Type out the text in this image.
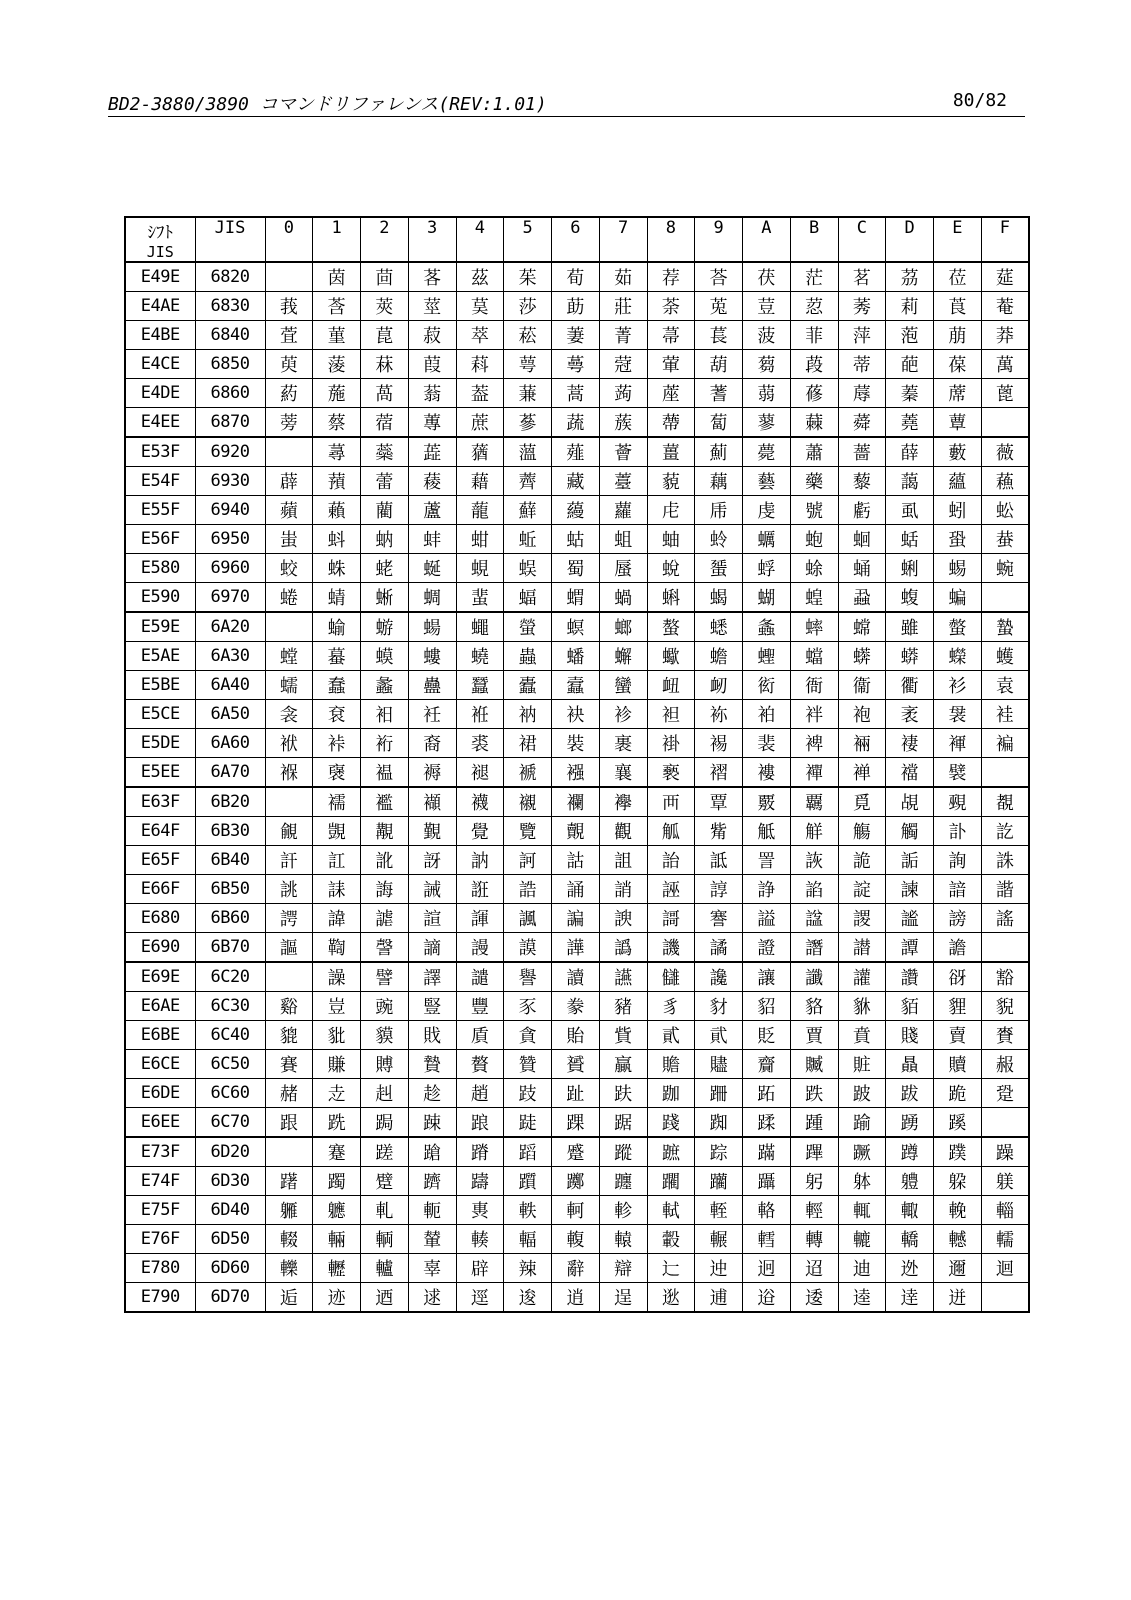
BD2-3880/3890 コマンドリファレンス(REV:1.01)	80/82
ｼﾌﾄ
JIS	JIS	0	1	2	3	4	5	6	7	8	9	A	B	C	D	E	F
E49E	6820		茵	茴	茖	茲	茱	荀	茹	荐	荅	茯	茫	茗	茘	莅	莚
E4AE	6830	莪	莟	莢	莖	茣	莎	莇	莊	荼	莵	荳	荵	莠	莉	莨	菴
E4BE	6840	萓	菫	菎	菽	萃	菘	萋	菁	菷	萇	菠	菲	萍	萢	萠	莽
E4CE	6850	萸	蔆	菻	葭	萪	萼	蕚	蒄	葷	葫	蒭	葮	蒂	葩	葆	萬
E4DE	6860	葯	葹	萵	蓊	葢	蒹	蒿	蒟	蓙	蓍	蒻	蓚	蓐	蓁	蓆	蓖
E4EE	6870	蒡	蔡	蓿	蓴	蔗	蔘	蔬	蔟	蔕	蔔	蓼	蕀	蕣	蕘	蕈	
E53F	6920		蕁	蘂	蕋	蕕	薀	薤	薈	薑	薊	薨	蕭	薔	薛	藪	薇
E54F	6930	薜	蕷	蕾	薐	藉	薺	藏	薹	藐	藕	藝	藥	藜	藹	蘊	蘓
E55F	6940	蘋	藾	藺	蘆	蘢	蘚	蘰	蘿	虍	乕	虔	號	虧	虱	蚓	蚣
E56F	6950	蚩	蚪	蚋	蚌	蚶	蚯	蛄	蛆	蚰	蛉	蠣	蚫	蛔	蛞	蛩	蛬
E580	6960	蛟	蛛	蛯	蜒	蜆	蜈	蜀	蜃	蛻	蜑	蜉	蜍	蛹	蜊	蜴	蜿
E590	6970	蜷	蜻	蜥	蜩	蜚	蝠	蝟	蝸	蝌	蝎	蝴	蝗	蝨	蝮	蝙	
E59E	6A20		蝓	蝣	蝪	蠅	螢	螟	螂	螯	蟋	螽	蟀	蟐	雖	螫	蟄
E5AE	6A30	螳	蟇	蟆	螻	蟯	蟲	蟠	蠏	蠍	蟾	蟶	蟷	蠎	蟒	蠑	蠖
E5BE	6A40	蠕	蠢	蠡	蠱	蠶	蠹	蠧	蠻	衄	衂	衒	衙	衞	衢	衫	袁
E5CE	6A50	衾	袞	衵	衽	袵	衲	袂	袗	袒	袮	袙	袢	袍	袤	袰	袿
E5DE	6A60	袱	裃	裄	裔	裘	裙	裝	裹	褂	裼	裴	裨	裲	褄	褌	褊
E5EE	6A70	褓	襃	褞	褥	褪	褫	襁	襄	褻	褶	褸	襌	褝	襠	襞	
E63F	6B20		襦	襤	襭	襪	襯	襴	襷	襾	覃	覈	覊	覓	覘	覡	覩
E64F	6B30	覦	覬	覯	覲	覺	覽	覿	觀	觚	觜	觝	觧	觴	觸	訃	訖
E65F	6B40	訐	訌	訛	訝	訥	訶	詁	詛	詒	詆	詈	詼	詭	詬	詢	誅
E66F	6B50	誂	誄	誨	誡	誑	誥	誦	誚	誣	諄	諍	諂	諚	諫	諳	諧
E680	6B60	諤	諱	謔	諠	諢	諷	諞	諛	謌	謇	謚	諡	謖	謐	謗	謠
E690	6B70	謳	鞫	謦	謫	謾	謨	譁	譌	譏	譎	證	譖	譛	譚	譫	
E69E	6C20		譟	譬	譯	譴	譽	讀	讌	讎	讒	讓	讖	讙	讚	谺	豁
E6AE	6C30	谿	豈	豌	豎	豐	豕	豢	豬	豸	豺	貂	貉	貅	貊	貍	貎
E6BE	6C40	貔	豼	貘	戝	貭	貪	貽	貲	貳	貮	貶	賈	賁	賤	賣	賚
E6CE	6C50	賽	賺	賻	贄	贅	贊	贇	贏	贍	贐	齎	贓	賍	贔	贖	赧
E6DE	6C60	赭	赱	赳	趁	趙	跂	趾	趺	跏	跚	跖	跌	跛	跋	跪	跫
E6EE	6C70	跟	跣	跼	踈	踉	跿	踝	踞	踐	踟	蹂	踵	踰	踴	蹊	
E73F	6D20		蹇	蹉	蹌	蹐	蹈	蹙	蹤	蹠	踪	蹣	蹕	蹶	蹲	蹼	躁
E74F	6D30	躇	躅	躄	躋	躊	躓	躑	躔	躙	躪	躡	躬	躰	軆	躱	躾
E75F	6D40	軅	軈	軋	軛	軣	軼	軻	軫	軾	輊	輅	輕	輒	輙	輓	輜
E76F	6D50	輟	輛	輌	輦	輳	輻	輹	轅	轂	輾	轌	轉	轆	轎	轗	轜
E780	6D60	轢	轣	轤	辜	辟	辣	辭	辯	辷	迚	迥	迢	迪	迯	邇	迴
E790	6D70	逅	迹	迺	逑	逕	逡	逍	逞	逖	逋	逧	逶	逵	逹	迸	
